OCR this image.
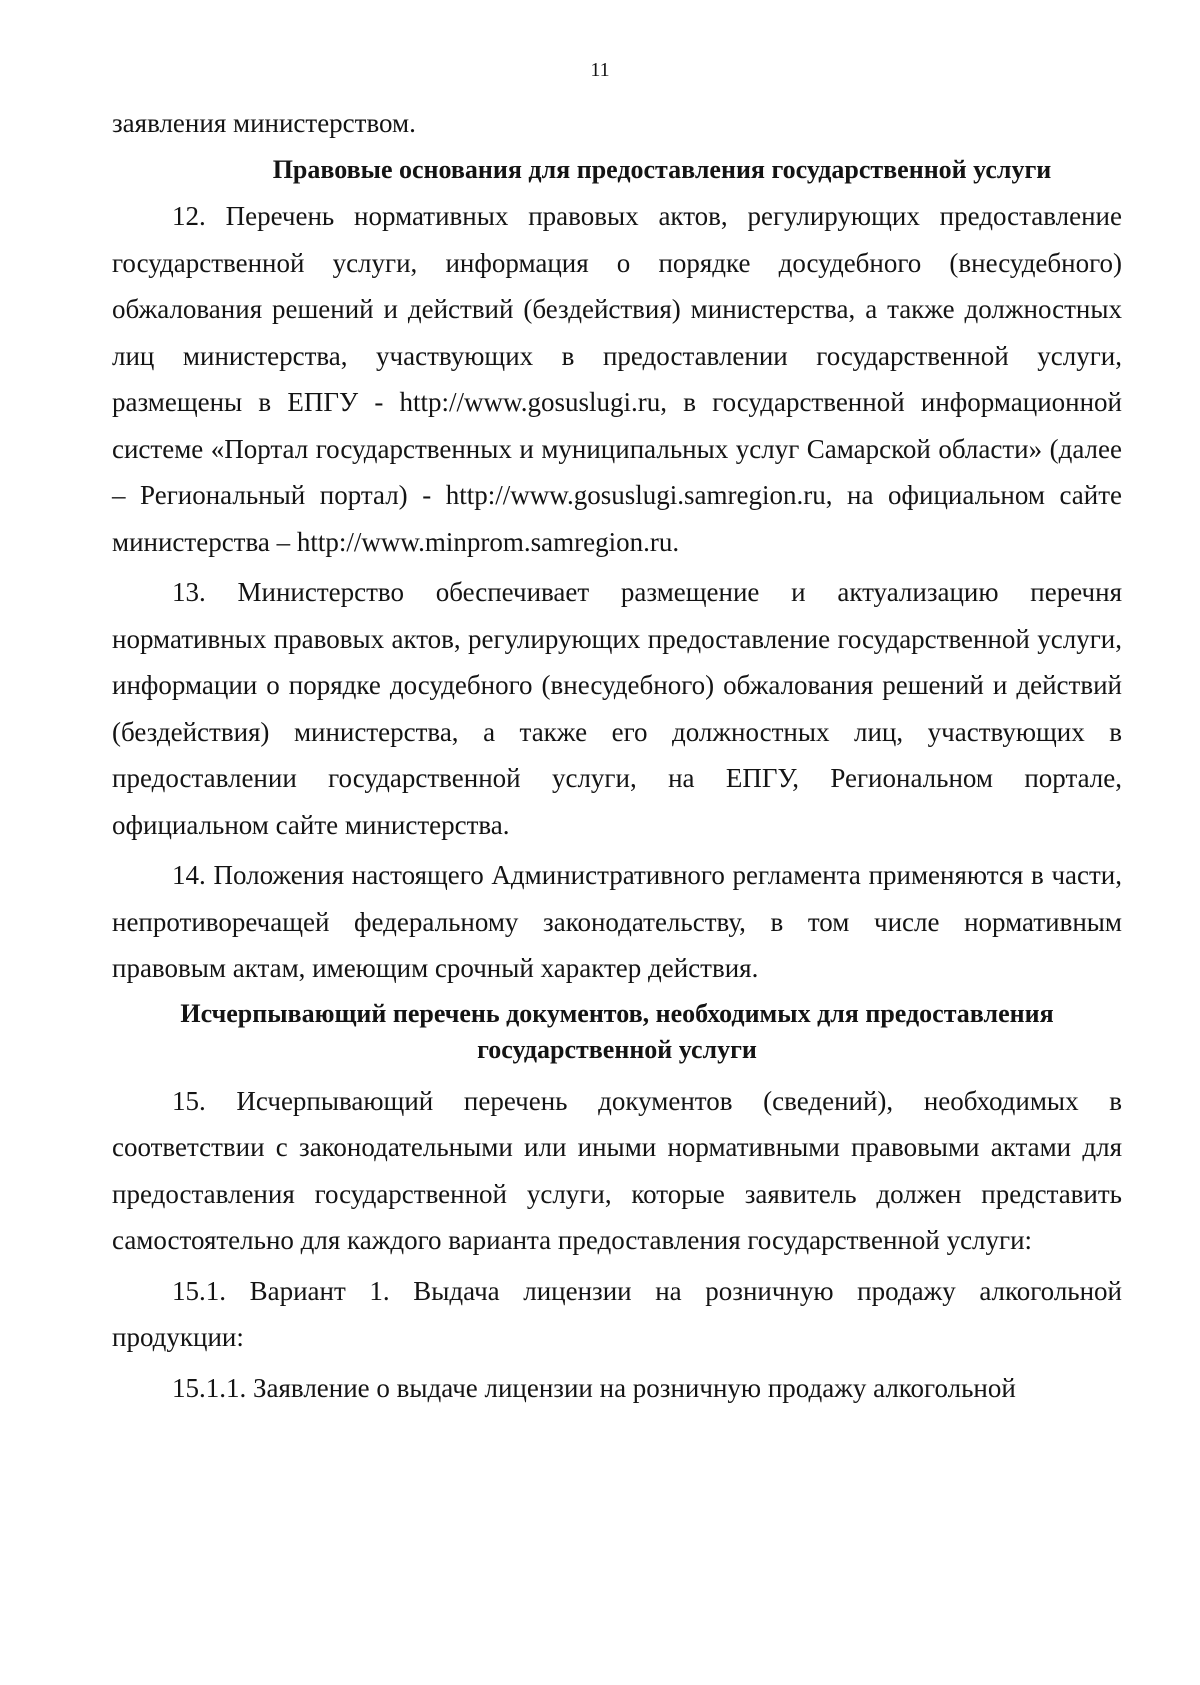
11

заявления министерством.

Правовые основания для предоставления государственной услуги

12. Перечень нормативных правовых актов, регулирующих предоставление государственной услуги, информация о порядке досудебного (внесудебного) обжалования решений и действий (бездействия) министерства, а также должностных лиц министерства, участвующих в предоставлении государственной услуги, размещены в ЕПГУ - http://www.gosuslugi.ru, в государственной информационной системе «Портал государственных и муниципальных услуг Самарской области» (далее – Региональный портал) - http://www.gosuslugi.samregion.ru, на официальном сайте министерства – http://www.minprom.samregion.ru.

13. Министерство обеспечивает размещение и актуализацию перечня нормативных правовых актов, регулирующих предоставление государственной услуги, информации о порядке досудебного (внесудебного) обжалования решений и действий (бездействия) министерства, а также его должностных лиц, участвующих в предоставлении государственной услуги, на ЕПГУ, Региональном портале, официальном сайте министерства.

14. Положения настоящего Административного регламента применяются в части, непротиворечащей федеральному законодательству, в том числе нормативным правовым актам, имеющим срочный характер действия.

Исчерпывающий перечень документов, необходимых для предоставления государственной услуги

15. Исчерпывающий перечень документов (сведений), необходимых в соответствии с законодательными или иными нормативными правовыми актами для предоставления государственной услуги, которые заявитель должен представить самостоятельно для каждого варианта предоставления государственной услуги:

15.1. Вариант 1. Выдача лицензии на розничную продажу алкогольной продукции:

15.1.1. Заявление о выдаче лицензии на розничную продажу алкогольной
